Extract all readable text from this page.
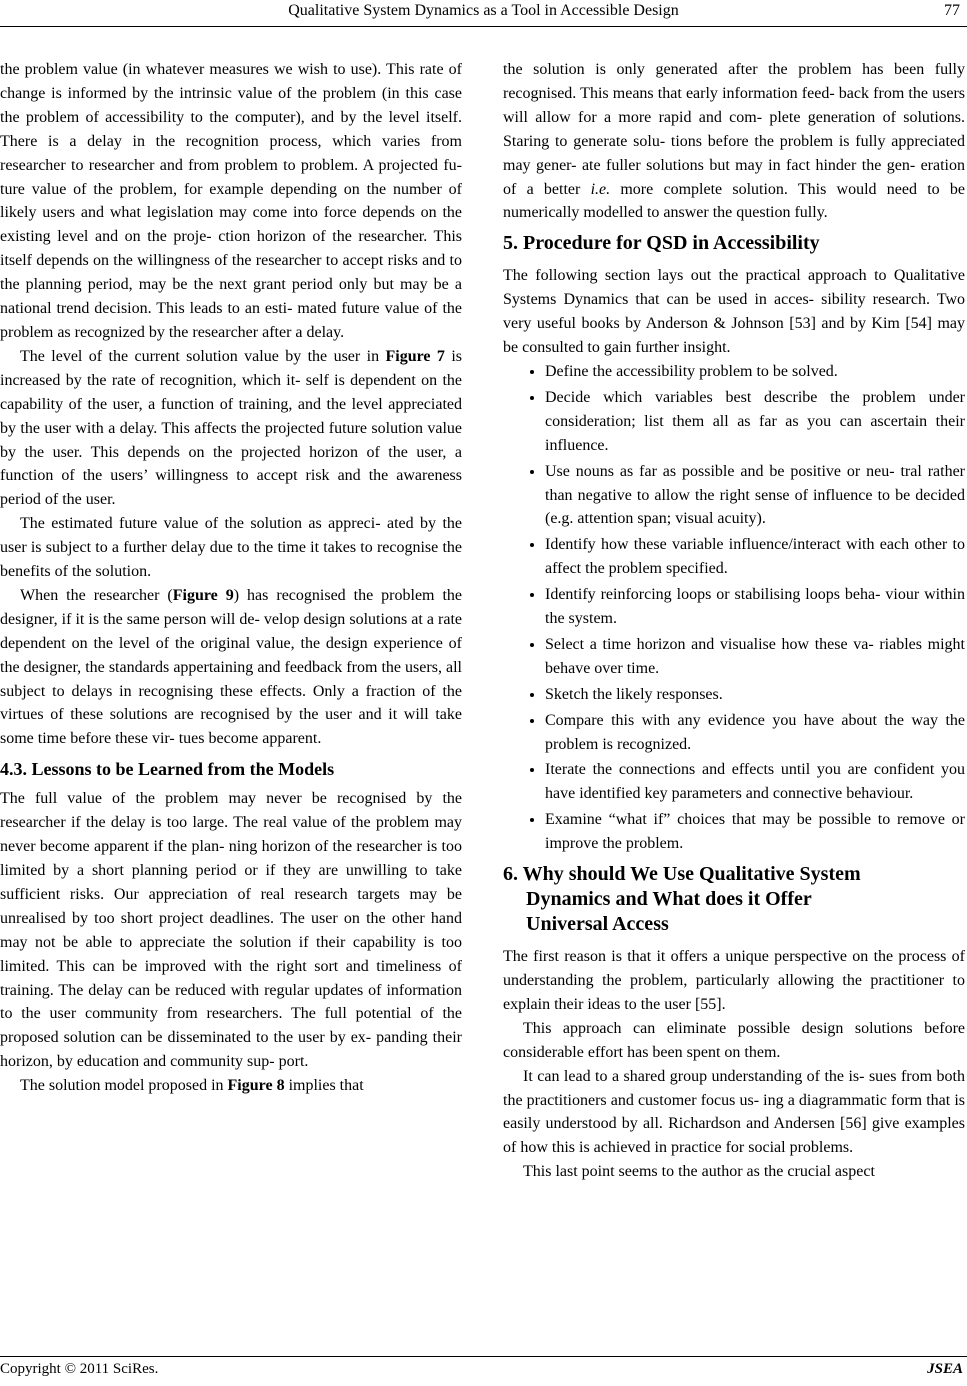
Qualitative System Dynamics as a Tool in Accessible Design	77

the problem value (in whatever measures we wish to use). This rate of change is informed by the intrinsic value of the problem (in this case the problem of accessibility to the computer), and by the level itself. There is a delay in the recognition process, which varies from researcher to researcher and from problem to problem. A projected fu- ture value of the problem, for example depending on the number of likely users and what legislation may come into force depends on the existing level and on the proje- ction horizon of the researcher. This itself depends on the willingness of the researcher to accept risks and to the planning period, may be the next grant period only but may be a national trend decision. This leads to an esti- mated future value of the problem as recognized by the researcher after a delay.

The level of the current solution value by the user in Figure 7 is increased by the rate of recognition, which it- self is dependent on the capability of the user, a function of training, and the level appreciated by the user with a delay. This affects the projected future solution value by the user. This depends on the projected horizon of the user, a function of the users’ willingness to accept risk and the awareness period of the user.

The estimated future value of the solution as appreci- ated by the user is subject to a further delay due to the time it takes to recognise the benefits of the solution.

When the researcher (Figure 9) has recognised the problem the designer, if it is the same person will de- velop design solutions at a rate dependent on the level of the original value, the design experience of the designer, the standards appertaining and feedback from the users, all subject to delays in recognising these effects. Only a fraction of the virtues of these solutions are recognised by the user and it will take some time before these vir- tues become apparent.

4.3. Lessons to be Learned from the Models

The full value of the problem may never be recognised by the researcher if the delay is too large. The real value of the problem may never become apparent if the plan- ning horizon of the researcher is too limited by a short planning period or if they are unwilling to take sufficient risks. Our appreciation of real research targets may be unrealised by too short project deadlines. The user on the other hand may not be able to appreciate the solution if their capability is too limited. This can be improved with the right sort and timeliness of training. The delay can be reduced with regular updates of information to the user community from researchers. The full potential of the proposed solution can be disseminated to the user by ex- panding their horizon, by education and community sup- port.

The solution model proposed in Figure 8 implies that

the solution is only generated after the problem has been fully recognised. This means that early information feed- back from the users will allow for a more rapid and com- plete generation of solutions. Staring to generate solu- tions before the problem is fully appreciated may gener- ate fuller solutions but may in fact hinder the gen- eration of a better i.e. more complete solution. This would need to be numerically modelled to answer the question fully.

5. Procedure for QSD in Accessibility

The following section lays out the practical approach to Qualitative Systems Dynamics that can be used in acces- sibility research. Two very useful books by Anderson & Johnson [53] and by Kim [54] may be consulted to gain further insight.

• Define the accessibility problem to be solved.
• Decide which variables best describe the problem under consideration; list them all as far as you can ascertain their influence.
• Use nouns as far as possible and be positive or neu- tral rather than negative to allow the right sense of influence to be decided (e.g. attention span; visual acuity).
• Identify how these variable influence/interact with each other to affect the problem specified.
• Identify reinforcing loops or stabilising loops beha- viour within the system.
• Select a time horizon and visualise how these va- riables might behave over time.
• Sketch the likely responses.
• Compare this with any evidence you have about the way the problem is recognized.
• Iterate the connections and effects until you are confident you have identified key parameters and connective behaviour.
• Examine “what if” choices that may be possible to remove or improve the problem.
6. Why should We Use Qualitative System
Dynamics and What does it Offer
Universal Access

The first reason is that it offers a unique perspective on the process of understanding the problem, particularly allowing the practitioner to explain their ideas to the user [55].

This approach can eliminate possible design solutions before considerable effort has been spent on them.

It can lead to a shared group understanding of the is- sues from both the practitioners and customer focus us- ing a diagrammatic form that is easily understood by all. Richardson and Andersen [56] give examples of how this is achieved in practice for social problems.

This last point seems to the author as the crucial aspect

Copyright © 2011 SciRes.	JSEA
